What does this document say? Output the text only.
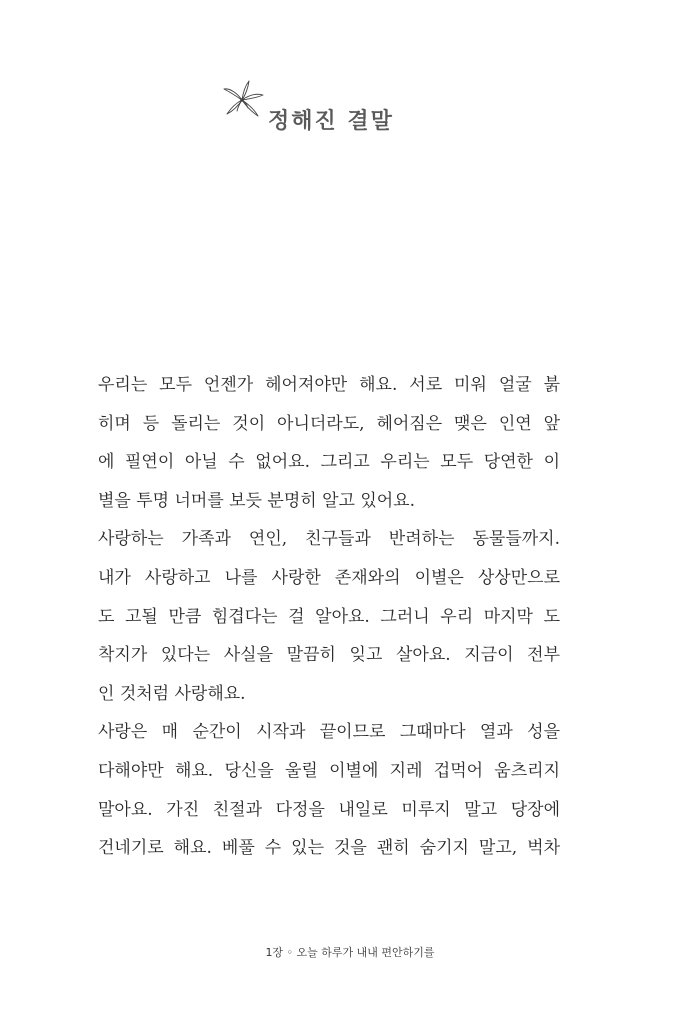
정해진 결말
우리는 모두 언젠가 헤어져야만 해요. 서로 미워 얼굴 붉
히며 등 돌리는 것이 아니더라도, 헤어짐은 맺은 인연 앞
에 필연이 아닐 수 없어요. 그리고 우리는 모두 당연한 이
별을 투명 너머를 보듯 분명히 알고 있어요.
사랑하는 가족과 연인, 친구들과 반려하는 동물들까지.
내가 사랑하고 나를 사랑한 존재와의 이별은 상상만으로
도 고될 만큼 힘겹다는 걸 알아요. 그러니 우리 마지막 도
착지가 있다는 사실을 말끔히 잊고 살아요. 지금이 전부
인 것처럼 사랑해요.
사랑은 매 순간이 시작과 끝이므로 그때마다 열과 성을
다해야만 해요. 당신을 울릴 이별에 지레 겁먹어 움츠리지
말아요. 가진 친절과 다정을 내일로 미루지 말고 당장에
건네기로 해요. 베풀 수 있는 것을 괜히 숨기지 말고, 벅차
1장 ◦ 오늘 하루가 내내 편안하기를
